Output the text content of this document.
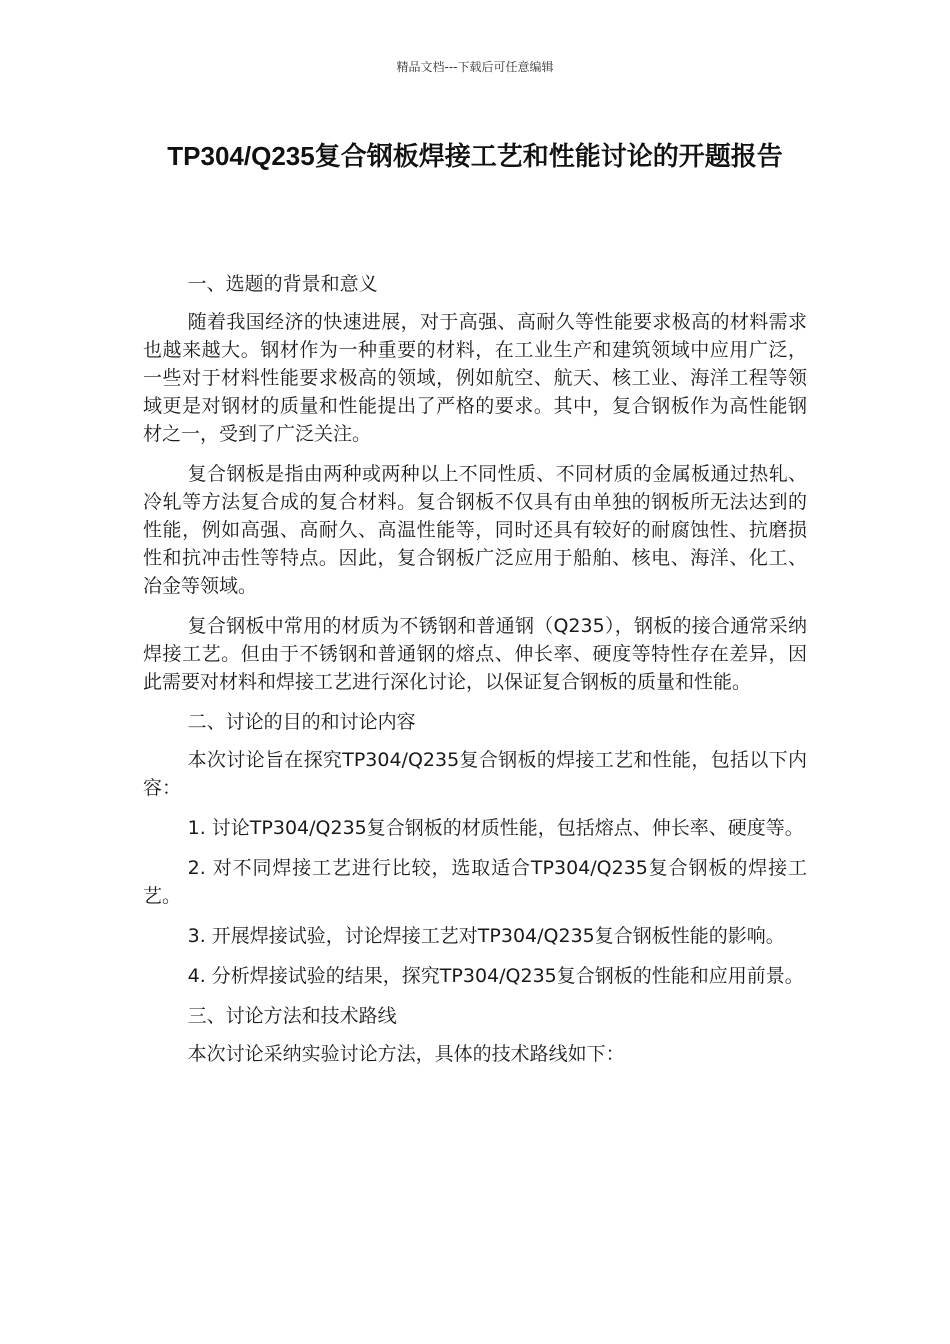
精品文档---下载后可任意编辑
TP304/Q235复合钢板焊接工艺和性能讨论的开题报告

一、选题的背景和意义

随着我国经济的快速进展，对于高强、高耐久等性能要求极高的材料需求也越来越大。钢材作为一种重要的材料，在工业生产和建筑领域中应用广泛，一些对于材料性能要求极高的领域，例如航空、航天、核工业、海洋工程等领域更是对钢材的质量和性能提出了严格的要求。其中，复合钢板作为高性能钢材之一，受到了广泛关注。

复合钢板是指由两种或两种以上不同性质、不同材质的金属板通过热轧、冷轧等方法复合成的复合材料。复合钢板不仅具有由单独的钢板所无法达到的性能，例如高强、高耐久、高温性能等，同时还具有较好的耐腐蚀性、抗磨损性和抗冲击性等特点。因此，复合钢板广泛应用于船舶、核电、海洋、化工、冶金等领域。

复合钢板中常用的材质为不锈钢和普通钢（Q235），钢板的接合通常采纳焊接工艺。但由于不锈钢和普通钢的熔点、伸长率、硬度等特性存在差异，因此需要对材料和焊接工艺进行深化讨论，以保证复合钢板的质量和性能。

二、讨论的目的和讨论内容

本次讨论旨在探究TP304/Q235复合钢板的焊接工艺和性能，包括以下内容：

1. 讨论TP304/Q235复合钢板的材质性能，包括熔点、伸长率、硬度等。

2. 对不同焊接工艺进行比较，选取适合TP304/Q235复合钢板的焊接工艺。

3. 开展焊接试验，讨论焊接工艺对TP304/Q235复合钢板性能的影响。

4. 分析焊接试验的结果，探究TP304/Q235复合钢板的性能和应用前景。

三、讨论方法和技术路线

本次讨论采纳实验讨论方法，具体的技术路线如下：
